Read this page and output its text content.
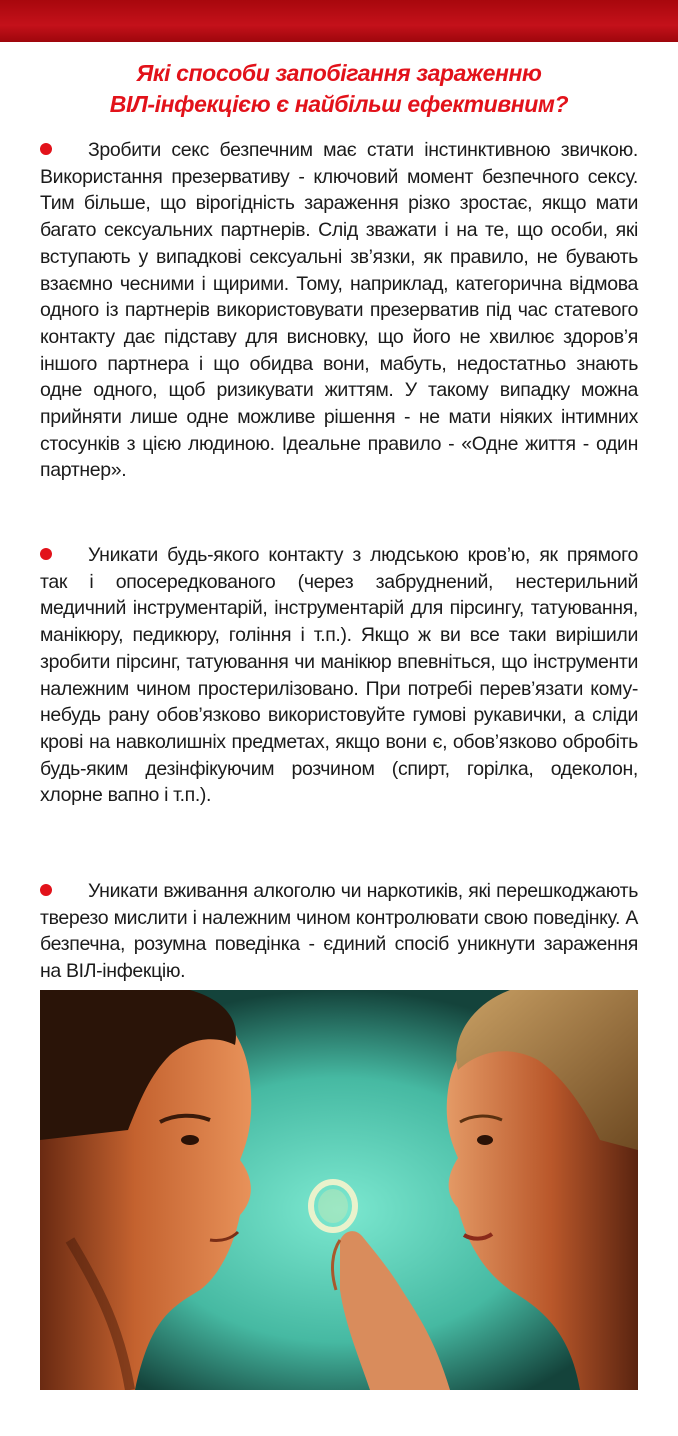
Які способи запобігання зараженню
ВІЛ-інфекцією є найбільш ефективним?
Зробити секс безпечним має стати інстинктивною звичкою. Використання презервативу - ключовий момент безпечного сексу. Тим більше, що вірогідність зараження різко зростає, якщо мати багато сексуальних партнерів. Слід зважати і на те, що особи, які вступають у випадкові сексуальні зв’язки, як правило, не бувають взаємно чесними і щирими. Тому, наприклад, категорична відмова одного із партнерів використовувати презерватив під час статевого контакту дає підставу для висновку, що його не хвилює здоров’я іншого партнера і що обидва вони, мабуть, недостатньо знають одне одного, щоб ризикувати життям. У такому випадку можна прийняти лише одне можливе рішення - не мати ніяких інтимних стосунків з цією людиною. Ідеальне правило - «Одне життя - один партнер».
Уникати будь-якого контакту з людською кров’ю, як прямого так і опосередкованого (через забруднений, нестерильний медичний інструментарій, інструментарій для пірсингу, татуювання, манікюру, педикюру, гоління і т.п.). Якщо ж ви все таки вирішили зробити пірсинг, татуювання чи манікюр впевніться, що інструменти належним чином простерилізовано. При потребі перев’язати кому-небудь рану обов’язково використовуйте гумові рукавички, а сліди крові на навколишніх предметах, якщо вони є, обов’язково обробіть будь-яким дезінфікуючим розчином (спирт, горілка, одеколон, хлорне вапно і т.п.).
Уникати вживання алкоголю чи наркотиків, які перешкоджають тверезо мислити і належним чином контролювати свою поведінку. А безпечна, розумна поведінка - єдиний спосіб уникнути зараження на ВІЛ-інфекцію.
